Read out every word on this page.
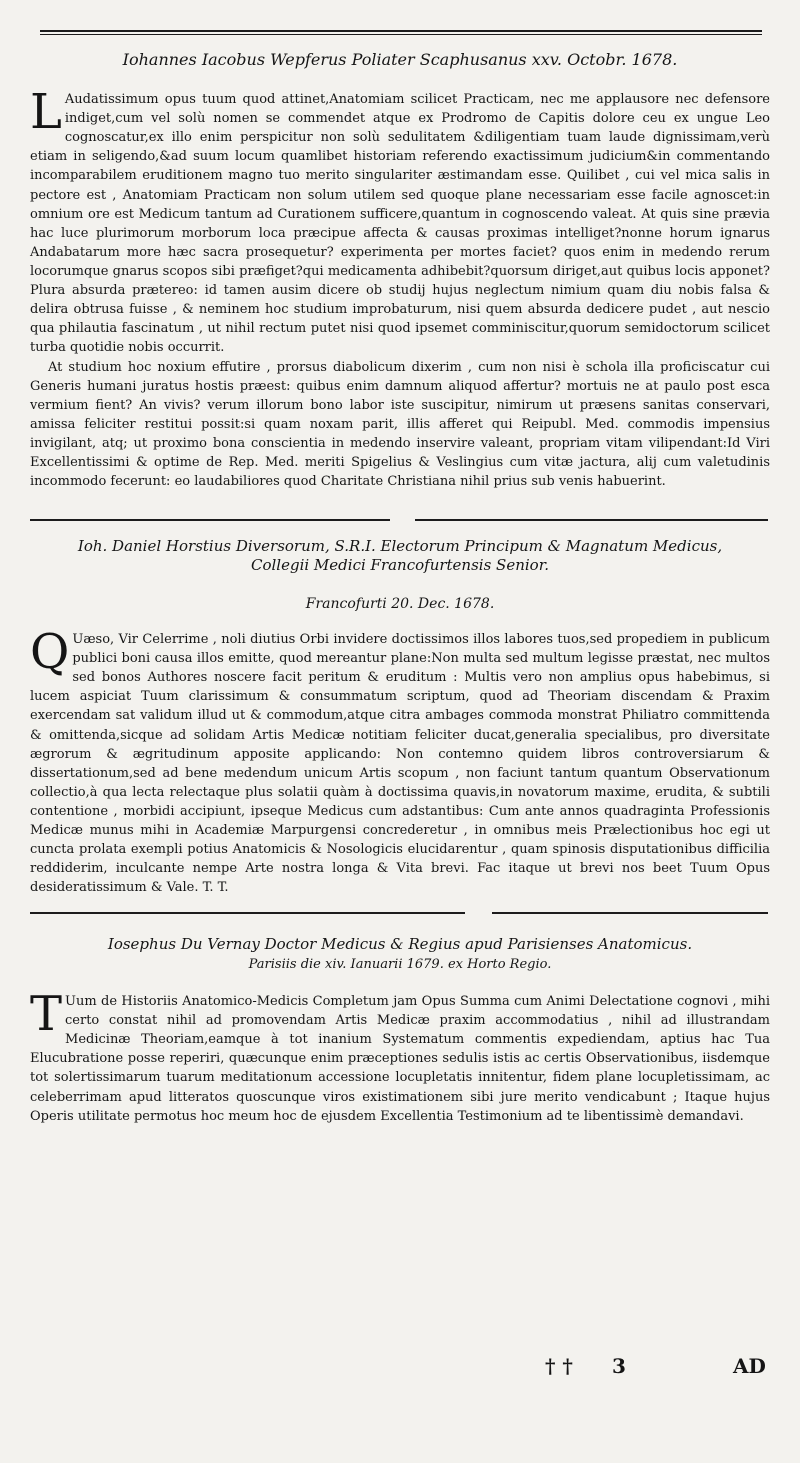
Iohannes Iacobus Wepferus Poliater Scaphusanus xxv. Octobr. 1678.

L Audatissimum opus tuum quod attinet,Anatomiam scilicet Practicam, nec me applausore nec defensore indiget,cum vel solù nomen se commendet atque ex Prodromo de Capitis dolore ceu ex ungue Leo cognoscatur,ex illo enim perspicitur non solù sedulitatem &diligentiam tuam laude dignissimam,verù etiam in seligendo,&ad suum locum quamlibet historiam referendo exactissimum judicium&in commentando incomparabilem eruditionem magno tuo merito singulariter æstimandam esse. Quilibet , cui vel mica salis in pectore est , Anatomiam Practicam non solum utilem sed quoque plane necessariam esse facile agnoscet:in omnium ore est Medicum tantum ad Curationem sufficere,quantum in cognoscendo valeat. At quis sine prævia hac luce plurimorum morborum loca præcipue affecta & causas proximas intelliget?nonne horum ignarus Andabatarum more hæc sacra prosequetur? experimenta per mortes faciet? quos enim in medendo rerum locorumque gnarus scopos sibi præfiget?qui medicamenta adhibebit?quorsum diriget,aut quibus locis apponet? Plura absurda prætereo: id tamen ausim dicere ob studij hujus neglectum nimium quam diu nobis falsa & delira obtrusa fuisse , & neminem hoc studium improbaturum, nisi quem absurda dedicere pudet , aut nescio qua philautia fascinatum , ut nihil rectum putet nisi quod ipsemet comminiscitur,quorum semidoctorum scilicet turba quotidie nobis occurrit.

At studium hoc noxium effutire , prorsus diabolicum dixerim , cum non nisi è schola illa proficiscatur cui Generis humani juratus hostis præest: quibus enim damnum aliquod affertur? mortuis ne at paulo post esca vermium fient? An vivis? verum illorum bono labor iste suscipitur, nimirum ut præsens sanitas conservari, amissa feliciter restitui possit:si quam noxam parit, illis afferet qui Reipubl. Med. commodis impensius invigilant, atq; ut proximo bona conscientia in medendo inservire valeant, propriam vitam vilipendant:Id Viri Excellentissimi & optime de Rep. Med. meriti Spigelius & Veslingius cum vitæ jactura, alij cum valetudinis incommodo fecerunt: eo laudabiliores quod Charitate Christiana nihil prius sub venis habuerint.

Ioh. Daniel Horstius Diversorum, S.R.I. Electorum Principum & Magnatum Medicus,
Collegii Medici Francofurtensis Senior.
Francofurti 20. Dec. 1678.

Q Uæso, Vir Celerrime , noli diutius Orbi invidere doctissimos illos labores tuos,sed propediem in publicum publici boni causa illos emitte, quod mereantur plane:Non multa sed multum legisse præstat, nec multos sed bonos Authores noscere facit peritum & eruditum : Multis vero non amplius opus habebimus, si lucem aspiciat Tuum clarissimum & consummatum scriptum, quod ad Theoriam discendam & Praxim exercendam sat validum illud ut & commodum,atque citra ambages commoda monstrat Philiatro committenda & omittenda,sicque ad solidam Artis Medicæ notitiam feliciter ducat,generalia specialibus, pro diversitate ægrorum & ægritudinum apposite applicando: Non contemno quidem libros controversiarum & dissertationum,sed ad bene medendum unicum Artis scopum , non faciunt tantum quantum Observationum collectio,à qua lecta relectaque plus solatii quàm à doctissima quavis,in novatorum maxime, erudita, & subtili contentione , morbidi accipiunt, ipseque Medicus cum adstantibus: Cum ante annos quadraginta Professionis Medicæ munus mihi in Academiæ Marpurgensi concrederetur , in omnibus meis Prælectionibus hoc egi ut cuncta prolata exempli potius Anatomicis & Nosologicis elucidarentur , quam spinosis disputationibus difficilia reddiderim, inculcante nempe Arte nostra longa & Vita brevi. Fac itaque ut brevi nos beet Tuum Opus desideratissimum & Vale. T. T.

Iosephus Du Vernay Doctor Medicus & Regius apud Parisienses Anatomicus.
Parisiis die xiv. Ianuarii 1679. ex Horto Regio.

T Uum de Historiis Anatomico-Medicis Completum jam Opus Summa cum Animi Delectatione cognovi , mihi certo constat nihil ad promovendam Artis Medicæ praxim accommodatius , nihil ad illustrandam Medicinæ Theoriam,eamque à tot inanium Systematum commentis expediendam, aptius hac Tua Elucubratione posse reperiri, quæcunque enim præceptiones sedulis istis ac certis Observationibus, iisdemque tot solertissimarum tuarum meditationum accessione locupletatis innitentur, fidem plane locupletissimam, ac celeberrimam apud litteratos quoscunque viros existimationem sibi jure merito vendicabunt ; Itaque hujus Operis utilitate permotus hoc meum hoc de ejusdem Excellentia Testimonium ad te libentissimè demandavi.

† † 3	AD
